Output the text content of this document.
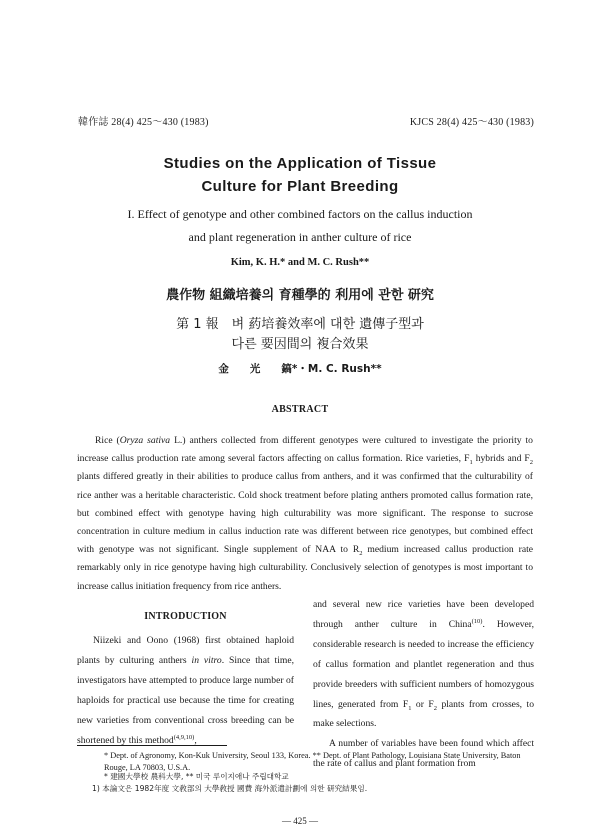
韓作誌 28(4) 425～430 (1983)	KJCS 28(4) 425～430 (1983)
Studies on the Application of Tissue
Culture for Plant Breeding
I. Effect of genotype and other combined factors on the callus induction
and plant regeneration in anther culture of rice
Kim, K. H.* and M. C. Rush**
農作物 組織培養의 育種學的 利用에 관한 研究
第 1 報　벼 葯培養效率에 대한 遺傳子型과
다른 要因間의 複合效果
金　　光　　鎬*・M. C. Rush**
ABSTRACT
Rice (Oryza sativa L.) anthers collected from different genotypes were cultured to investigate the priority to increase callus production rate among several factors affecting on callus formation. Rice varieties, $F_1$ hybrids and $F_2$ plants differed greatly in their abilities to produce callus from anthers, and it was confirmed that the culturability of rice anther was a heritable characteristic. Cold shock treatment before plating anthers promoted callus formation rate, but combined effect with genotype having high culturability was more significant. The response to sucrose concentration in culture medium in callus induction rate was different between rice genotypes, but combined effect with genotype was not significant. Single supplement of NAA to $R_2$ medium increased callus production rate remarkably only in rice genotype having high culturability. Conclusively selection of genotypes is most important to increase callus initiation frequency from rice anthers.
INTRODUCTION
Niizeki and Oono (1968) first obtained haploid plants by culturing anthers in vitro. Since that time, investigators have attempted to produce large number of haploids for practical use because the time for creating new varieties from conventional cross breeding can be shortened by this method$^{(4,9,10)}$,

and several new rice varieties have been developed through anther culture in China$^{(10)}$. However, considerable research is needed to increase the efficiency of callus formation and plantlet regeneration and thus provide breeders with sufficient numbers of homozygous lines, generated from $F_1$ or $F_2$ plants from crosses, to make selections.

A number of variables have been found which affect the rate of callus and plant formation from

* Dept. of Agronomy, Kon-Kuk University, Seoul 133, Korea. ** Dept. of Plant Pathology, Louisiana State University, Baton Rouge, LA 70803, U.S.A.
* 建國大學校 農科大學, ** 미국 루이지애나 주립대학교
1) 本論文은 1982年度 文敎部의 大學敎授 國費 海外派遣計劃에 의한 研究結果임.
— 425 —
